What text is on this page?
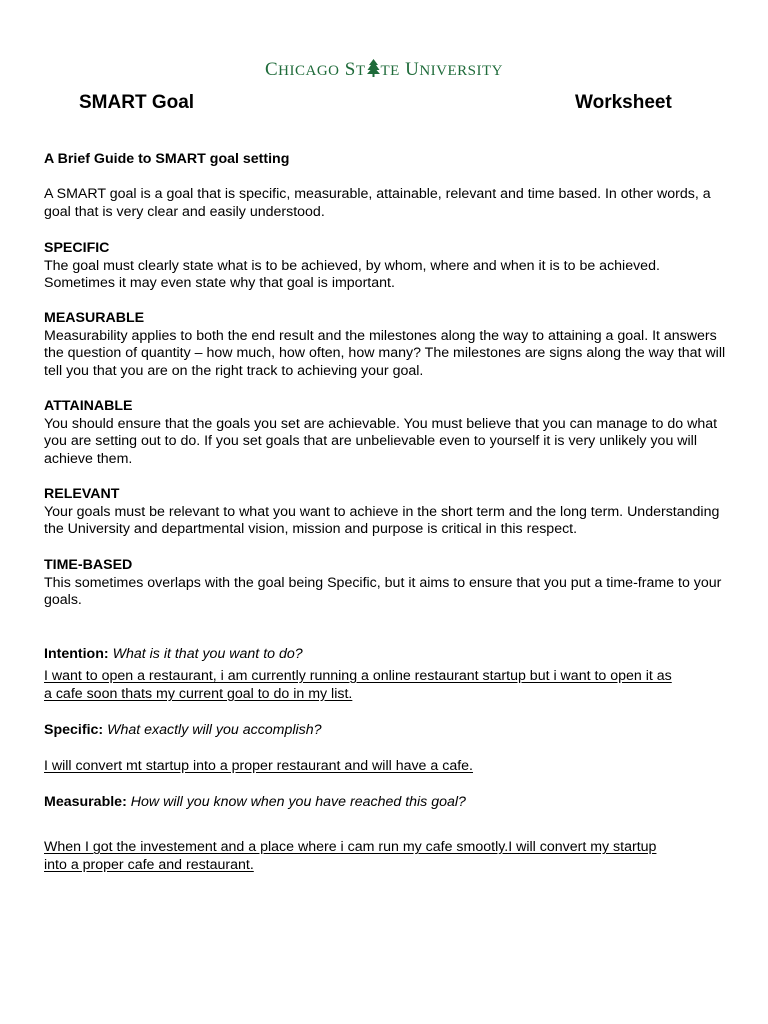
CHICAGO ST TE UNIVERSITY
SMART Goal	Worksheet
A Brief Guide to SMART goal setting
A SMART goal is a goal that is specific, measurable, attainable, relevant and time based. In other words, a goal that is very clear and easily understood.
SPECIFIC
The goal must clearly state what is to be achieved, by whom, where and when it is to be achieved. Sometimes it may even state why that goal is important.
MEASURABLE
Measurability applies to both the end result and the milestones along the way to attaining a goal. It answers the question of quantity – how much, how often, how many? The milestones are signs along the way that will tell you that you are on the right track to achieving your goal.
ATTAINABLE
You should ensure that the goals you set are achievable. You must believe that you can manage to do what you are setting out to do. If you set goals that are unbelievable even to yourself it is very unlikely you will achieve them.
RELEVANT
Your goals must be relevant to what you want to achieve in the short term and the long term. Understanding the University and departmental vision, mission and purpose is critical in this respect.
TIME-BASED
This sometimes overlaps with the goal being Specific, but it aims to ensure that you put a time-frame to your goals.
Intention: What is it that you want to do?
I want to open a restaurant, i am currently running a online restaurant startup but i want to open it as
a cafe soon thats my current goal to do in my list.
Specific: What exactly will you accomplish?
I will convert mt startup into a proper restaurant and will have a cafe.
Measurable: How will you know when you have reached this goal?
When I got the investement and a place where i cam run my cafe smootly.I will convert my startup
into a proper cafe and restaurant.
